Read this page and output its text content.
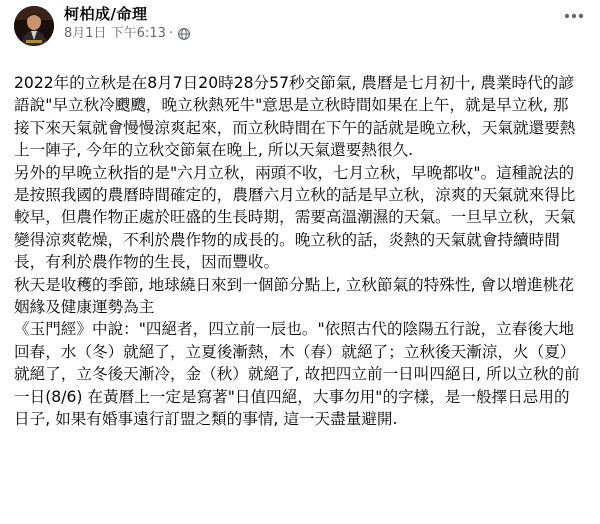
柯柏成/命理
8月1日 下午6:13 ·

2022年的立秋是在8月7日20時28分57秒交節氣, 農曆是七月初十, 農業時代的諺語說"早立秋冷颼颼，晚立秋熱死牛"意思是立秋時間如果在上午，就是早立秋, 那接下來天氣就會慢慢涼爽起來，而立秋時間在下午的話就是晚立秋，天氣就還要熱上一陣子, 今年的立秋交節氣在晚上, 所以天氣還要熱很久.

另外的早晚立秋指的是"六月立秋，兩頭不收，七月立秋，早晚都收"。這種說法的是按照我國的農曆時間確定的，農曆六月立秋的話是早立秋，涼爽的天氣就來得比較早，但農作物正處於旺盛的生長時期，需要高溫潮濕的天氣。一旦早立秋，天氣變得涼爽乾燥，不利於農作物的成長的。晚立秋的話，炎熱的天氣就會持續時間長，有利於農作物的生長，因而豐收。

秋天是收穫的季節, 地球繞日來到一個節分點上, 立秋節氣的特殊性, 會以增進桃花姻緣及健康運勢為主

《玉門經》中說："四絕者，四立前一辰也。"依照古代的陰陽五行說，立春後大地回春，水（冬）就絕了，立夏後漸熱，木（春）就絕了；立秋後天漸涼，火（夏）就絕了，立冬後天漸冷，金（秋）就絕了, 故把四立前一日叫四絕日, 所以立秋的前一日(8/6) 在黃曆上一定是寫著"日值四絕，大事勿用"的字樣，是一般擇日忌用的日子, 如果有婚事遠行訂盟之類的事情, 這一天盡量避開.
